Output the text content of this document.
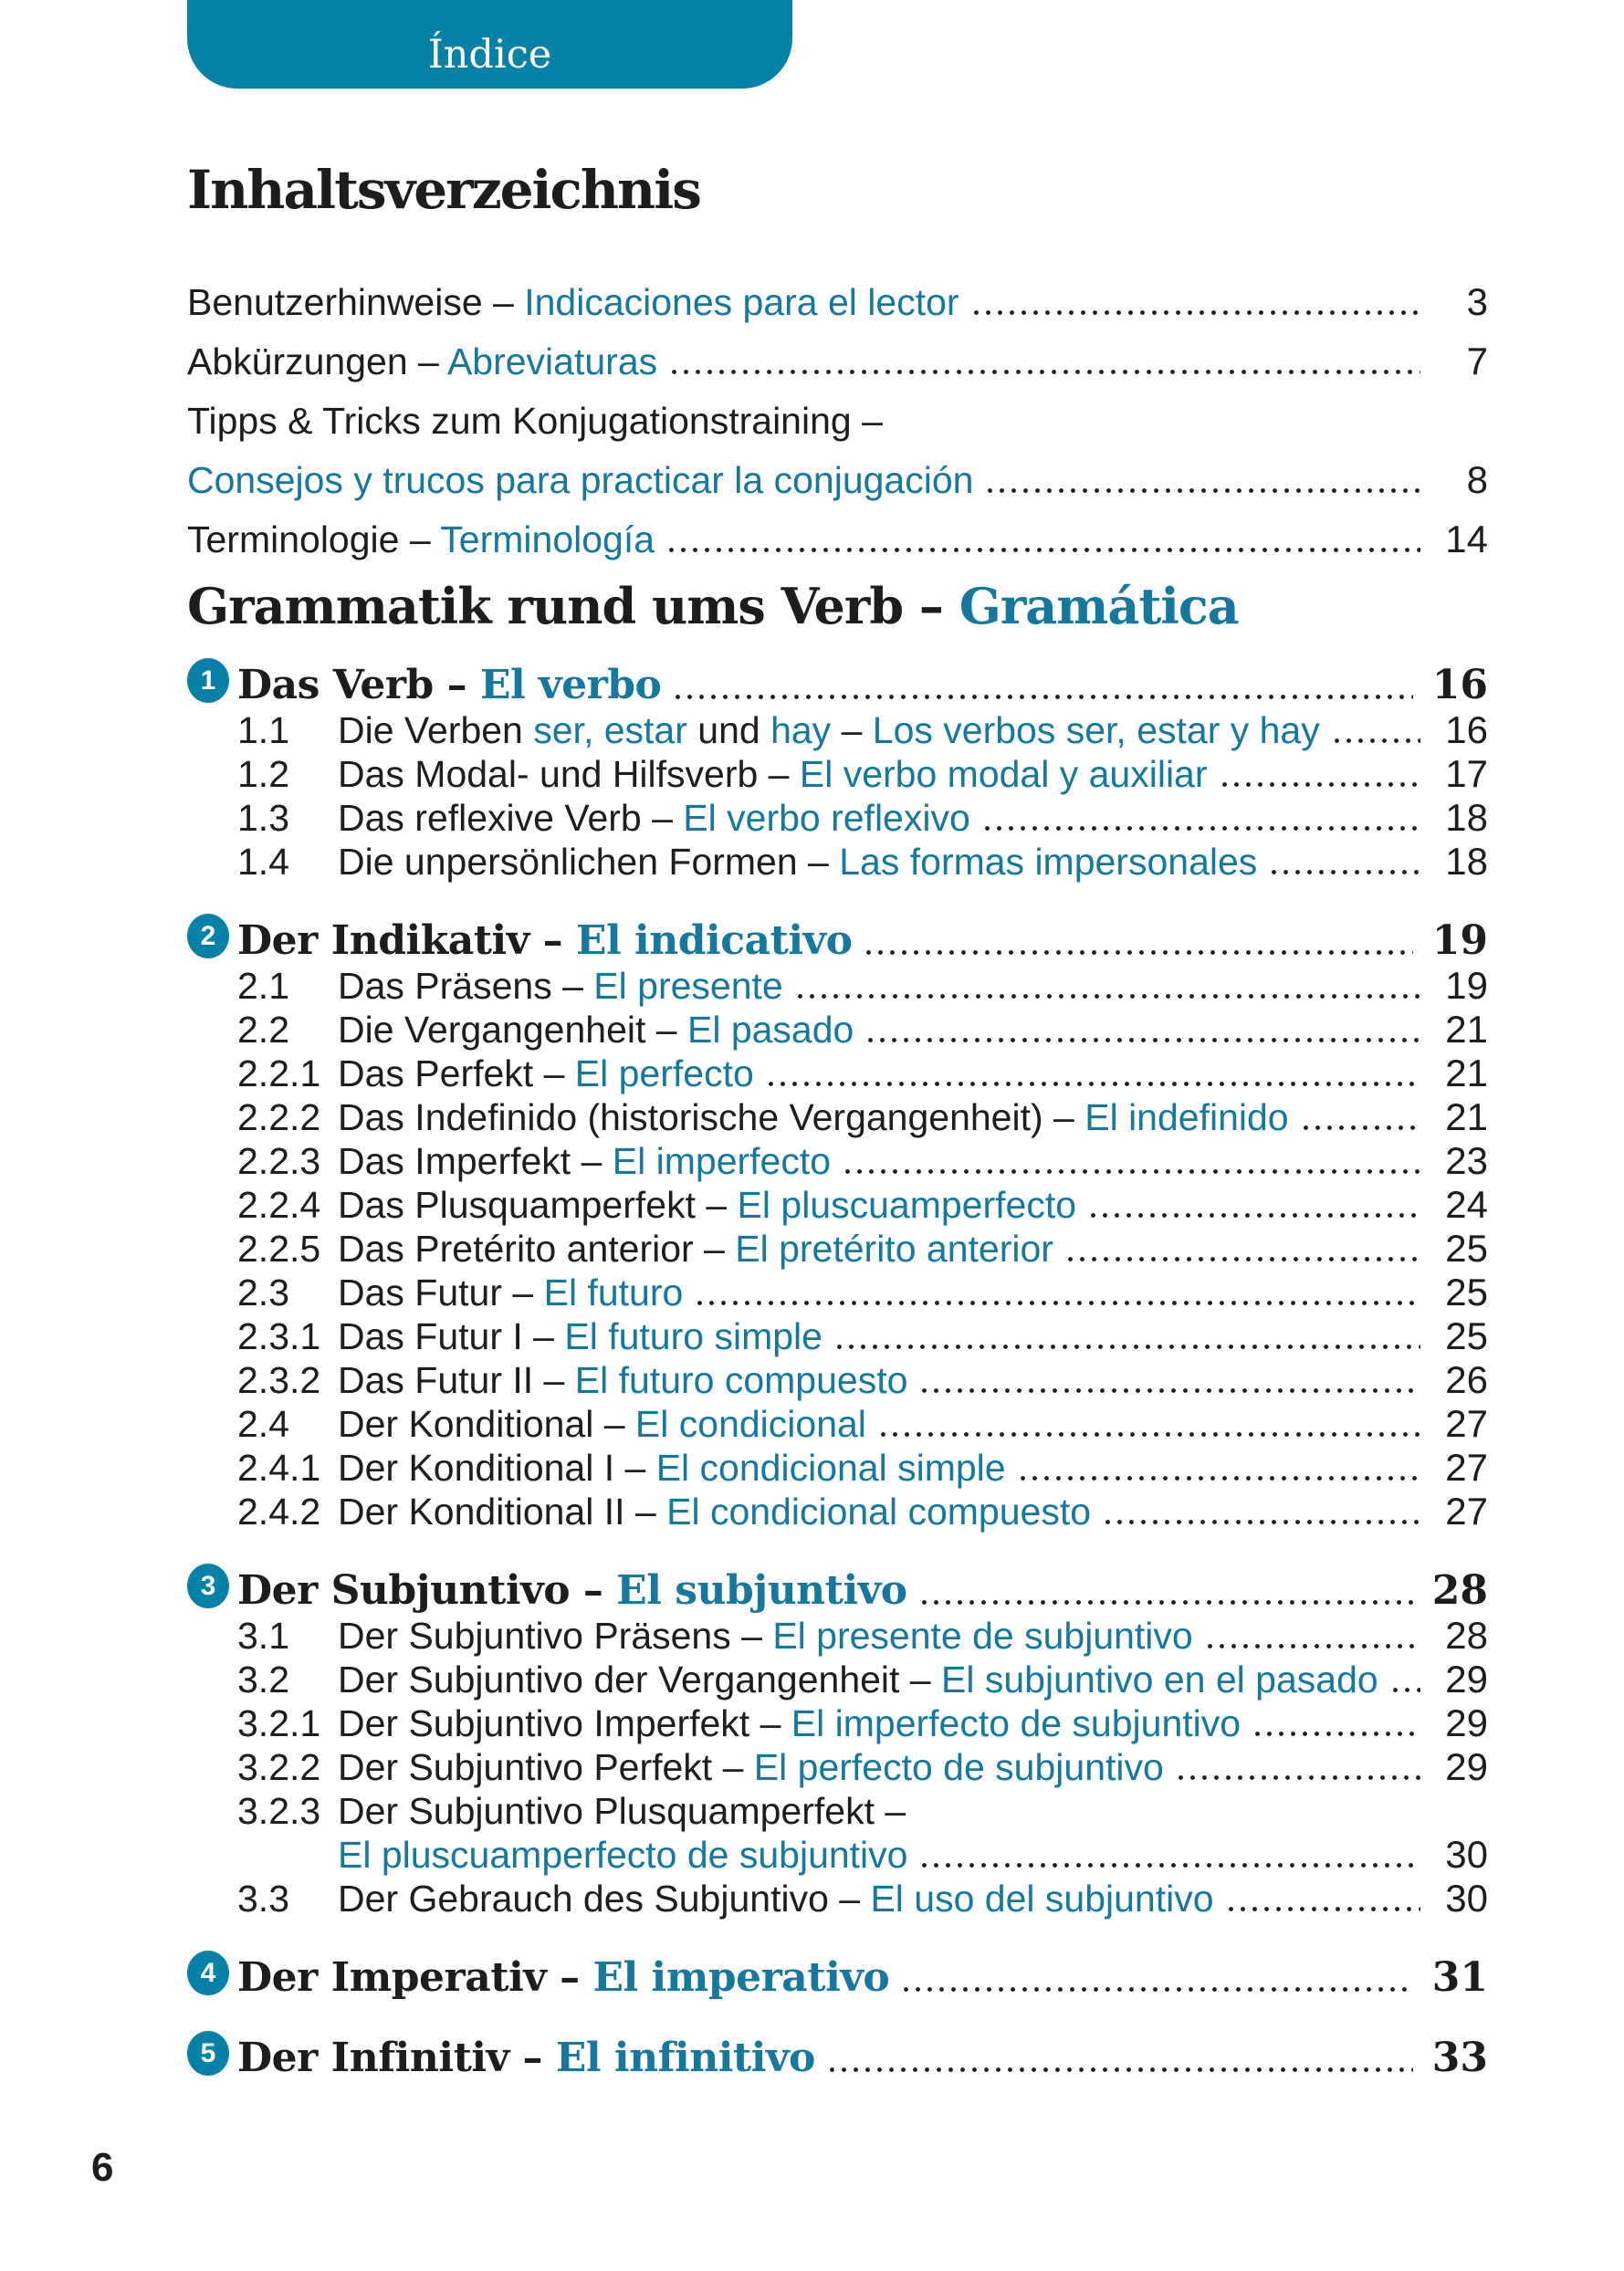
Índice
Inhaltsverzeichnis
Benutzerhinweise – Indicaciones para el lector	3
Abkürzungen – Abreviaturas	7
Tipps & Tricks zum Konjugationstraining –
Consejos y trucos para practicar la conjugación	8
Terminologie – Terminología	14
Grammatik rund ums Verb – Gramática
1 Das Verb – El verbo	16
1.1	Die Verben ser, estar und hay – Los verbos ser, estar y hay	16
1.2	Das Modal- und Hilfsverb – El verbo modal y auxiliar	17
1.3	Das reflexive Verb – El verbo reflexivo	18
1.4	Die unpersönlichen Formen – Las formas impersonales	18
2 Der Indikativ – El indicativo	19
2.1	Das Präsens – El presente	19
2.2	Die Vergangenheit – El pasado	21
2.2.1 Das Perfekt – El perfecto	21
2.2.2 Das Indefinido (historische Vergangenheit) – El indefinido	21
2.2.3 Das Imperfekt – El imperfecto	23
2.2.4 Das Plusquamperfekt – El pluscuamperfecto	24
2.2.5 Das Pretérito anterior – El pretérito anterior	25
2.3	Das Futur – El futuro	25
2.3.1 Das Futur I – El futuro simple	25
2.3.2 Das Futur II – El futuro compuesto	26
2.4	Der Konditional – El condicional	27
2.4.1 Der Konditional I – El condicional simple	27
2.4.2 Der Konditional II – El condicional compuesto	27
3 Der Subjuntivo – El subjuntivo	28
3.1	Der Subjuntivo Präsens – El presente de subjuntivo	28
3.2	Der Subjuntivo der Vergangenheit – El subjuntivo en el pasado	29
3.2.1 Der Subjuntivo Imperfekt – El imperfecto de subjuntivo	29
3.2.2 Der Subjuntivo Perfekt – El perfecto de subjuntivo	29
3.2.3 Der Subjuntivo Plusquamperfekt –
El pluscuamperfecto de subjuntivo	30
3.3	Der Gebrauch des Subjuntivo – El uso del subjuntivo	30
4 Der Imperativ – El imperativo	31
5 Der Infinitiv – El infinitivo	33
6
